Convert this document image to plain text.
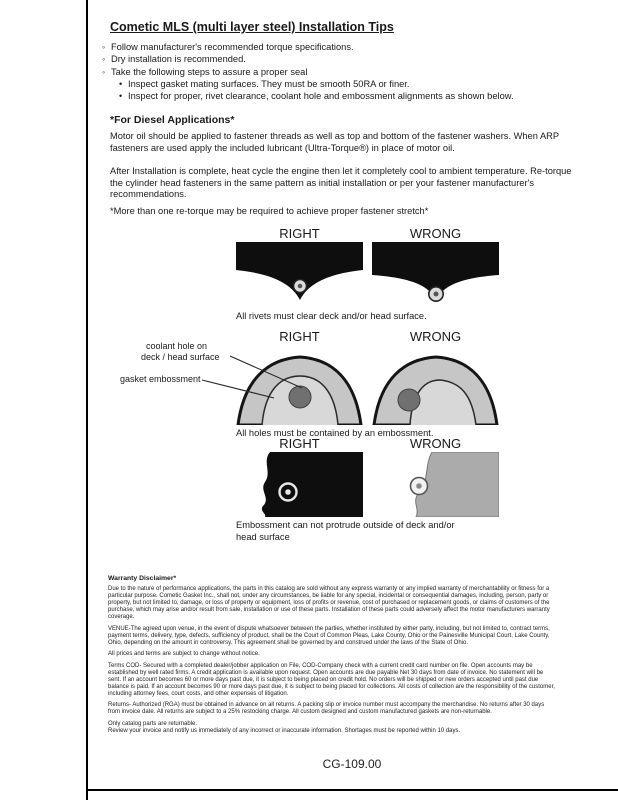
Cometic MLS (multi layer steel) Installation Tips
◦Follow manufacturer's recommended torque specifications.
◦Dry installation is recommended.
◦Take the following steps to assure a proper seal
•Inspect gasket mating surfaces. They must be smooth 50RA or finer.
•Inspect for proper, rivet clearance, coolant hole and embossment alignments as shown below.
*For Diesel Applications*
Motor oil should be applied to fastener threads as well as top and bottom of the fastener washers. When ARP fasteners are used apply the included lubricant (Ultra-Torque®) in place of motor oil.
After Installation is complete, heat cycle the engine then let it completely cool to ambient temperature. Re-torque the cylinder head fasteners in the same pattern as initial installation or per your fastener manufacturer's recommendations.
*More than one re-torque may be required to achieve proper fastener stretch*
RIGHT	WRONG
All rivets must clear deck and/or head surface.
RIGHT	WRONG
coolant hole on
deck / head surface
gasket embossment
All holes must be contained by an embossment.
RIGHT	WRONG
Embossment can not protrude outside of deck and/or head surface
Warranty Disclaimer*
Due to the nature of performance applications, the parts in this catalog are sold without any express warranty or any implied warranty of merchantability or fitness for a particular purpose. Cometic Gasket Inc., shall not, under any circumstances, be liable for any special, incidental or consequential damages, including, person, party or property, but not limited to, damage, or loss of property or equipment, loss of profits or revenue, cost of purchased or replacement goods, or claims of customers of the purchase, which may arise and/or result from sale, installation or use of these parts. Installation of these parts could adversely affect the motor manufacturers warranty coverage.
VENUE-The agreed upon venue, in the event of dispute whatsoever between the parties, whether instituted by either party, including, but not limited to, contract terms, payment terms, delivery, type, defects, sufficiency of product, shall be the Court of Common Pleas, Lake County, Ohio or the Painesville Municipal Court, Lake County, Ohio, depending on the amount in controversy. This agreement shall be governed by and construed under the laws of the State of Ohio.
All prices and terms are subject to change without notice.
Terms COD- Secured with a completed dealer/jobber application on File, COD-Company check with a current credit card number on file. Open accounts may be established by well rated firms. A credit application is available upon request. Open accounts are due payable Net 30 days from date of invoice. No statement will be sent. If an account becomes 60 or more days past due, it is subject to being placed on credit hold. No orders will be shipped or new orders accepted until past due balance is paid. If an account becomes 90 or more days past due, it is subject to being placed for collections. All costs of collection are the responsibility of the customer, including attorney fees, court costs, and other expenses of litigation.
Returns- Authorized (RGA) must be obtained in advance on all returns. A packing slip or invoice number must accompany the merchandise. No returns after 30 days from invoice date. All returns are subject to a 25% restocking charge. All custom designed and custom manufactured gaskets are non-returnable.
Only catalog parts are returnable.
Review your invoice and notify us immediately of any incorrect or inaccurate information. Shortages must be reported within 10 days.
CG-109.00
